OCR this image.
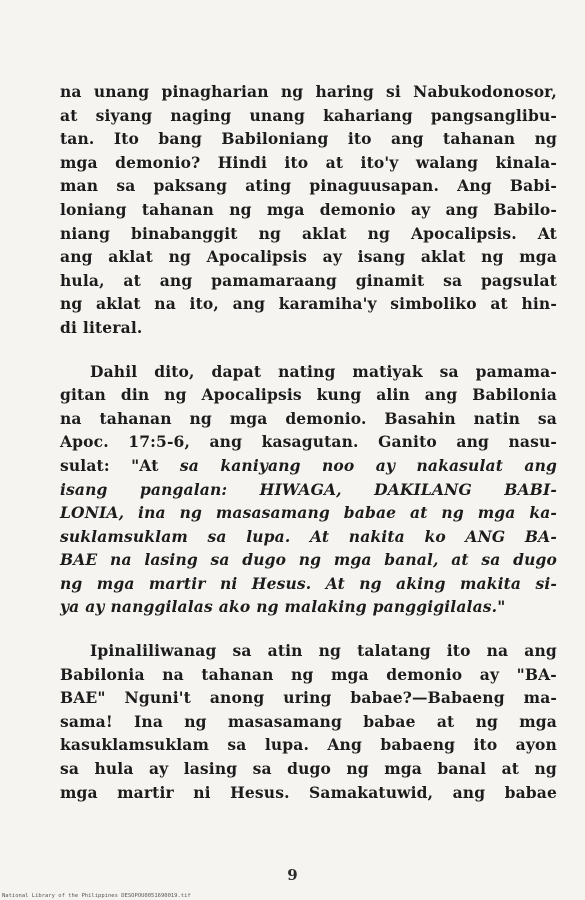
na unang pinagharian ng haring si Nabukodonosor,
at siyang naging unang kahariang pangsanglibu-
tan. Ito bang Babiloniang ito ang tahanan ng
mga demonio? Hindi ito at ito'y walang kinala-
man sa paksang ating pinaguusapan. Ang Babi-
loniang tahanan ng mga demonio ay ang Babilo-
niang binabanggit ng aklat ng Apocalipsis. At
ang aklat ng Apocalipsis ay isang aklat ng mga
hula, at ang pamamaraang ginamit sa pagsulat
ng aklat na ito, ang karamiha'y simboliko at hin-
di literal.
Dahil dito, dapat nating matiyak sa pamama-
gitan din ng Apocalipsis kung alin ang Babilonia
na tahanan ng mga demonio. Basahin natin sa
Apoc. 17:5-6, ang kasagutan. Ganito ang nasu-
sulat: "At sa kaniyang noo ay nakasulat ang
isang pangalan: HIWAGA, DAKILANG BABI-
LONIA, ina ng masasamang babae at ng mga ka-
suklamsuklam sa lupa. At nakita ko ANG BA-
BAE na lasing sa dugo ng mga banal, at sa dugo
ng mga martir ni Hesus. At ng aking makita si-
ya ay nanggilalas ako ng malaking panggigilalas."
Ipinaliliwanag sa atin ng talatang ito na ang
Babilonia na tahanan ng mga demonio ay "BA-
BAE" Nguni't anong uring babae?—Babaeng ma-
sama! Ina ng masasamang babae at ng mga
kasuklamsuklam sa lupa. Ang babaeng ito ayon
sa hula ay lasing sa dugo ng mga banal at ng
mga martir ni Hesus. Samakatuwid, ang babae
9
National Library of the Philippines DESOPOU0051690019.tif
